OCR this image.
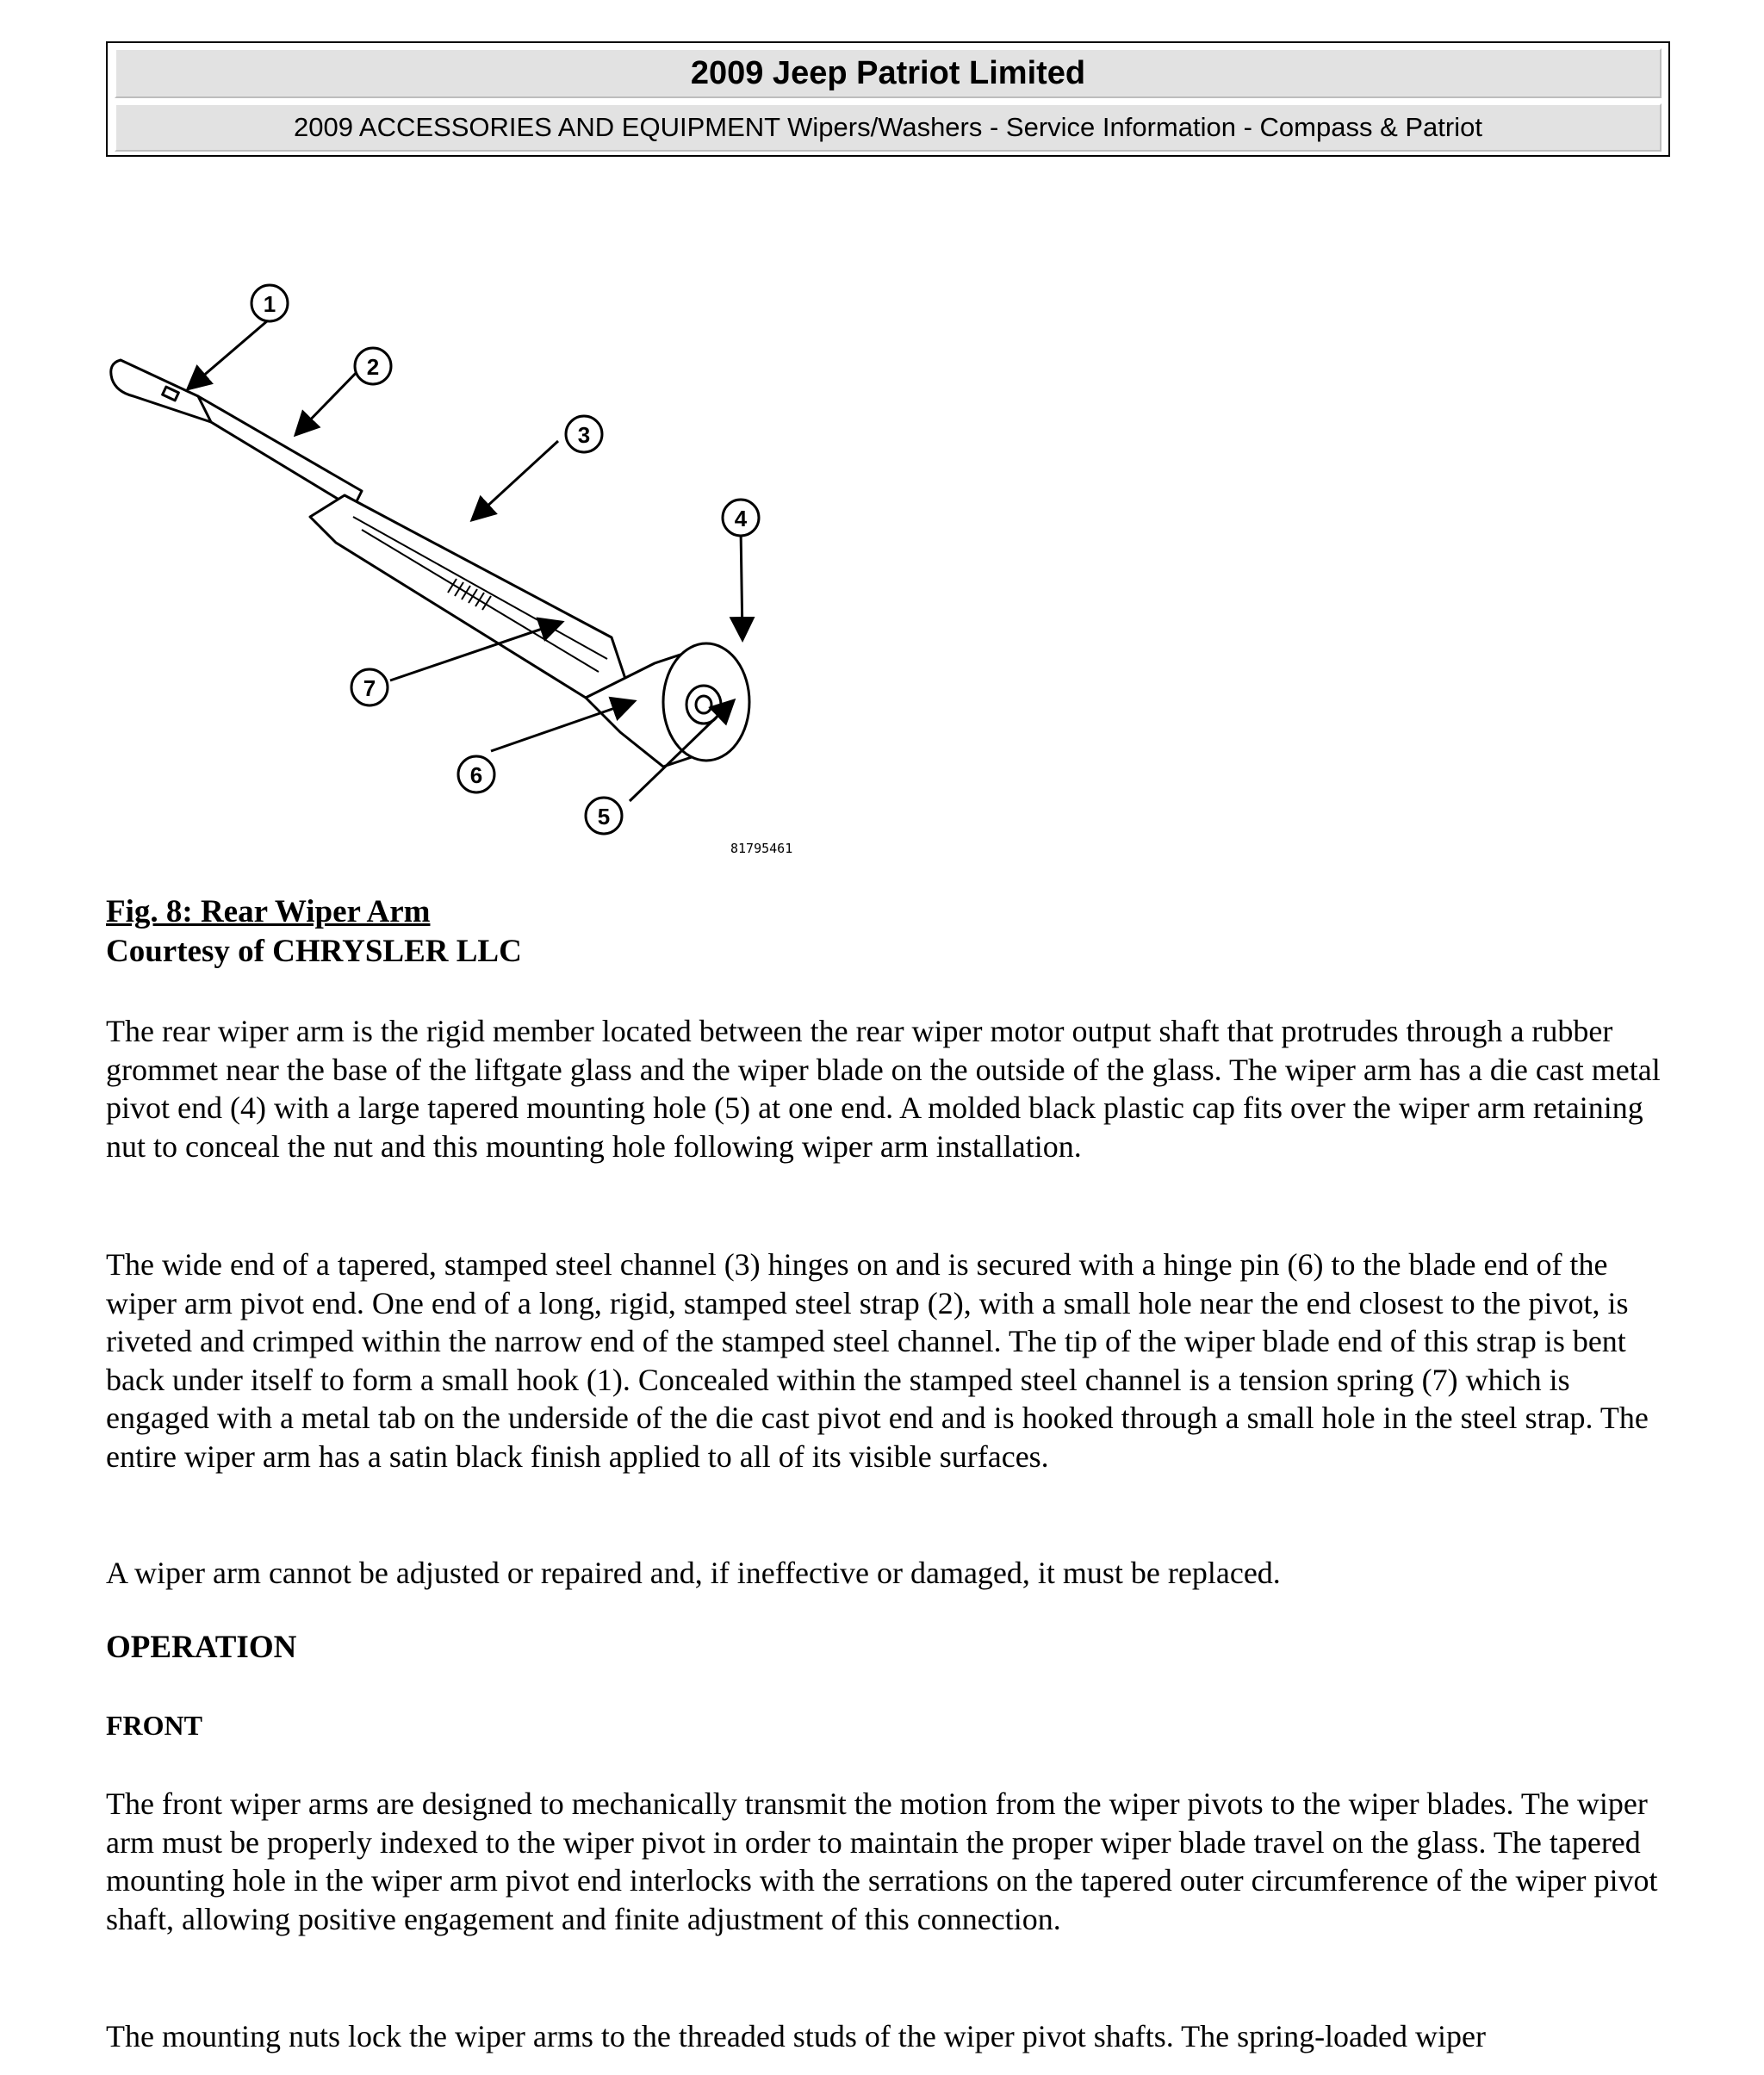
2009 Jeep Patriot Limited
2009 ACCESSORIES AND EQUIPMENT Wipers/Washers - Service Information - Compass & Patriot
1
2
3
4
5
6
7
81795461
Fig. 8: Rear Wiper Arm
Courtesy of CHRYSLER LLC

The rear wiper arm is the rigid member located between the rear wiper motor output shaft that protrudes through a rubber grommet near the base of the liftgate glass and the wiper blade on the outside of the glass. The wiper arm has a die cast metal pivot end (4) with a large tapered mounting hole (5) at one end. A molded black plastic cap fits over the wiper arm retaining nut to conceal the nut and this mounting hole following wiper arm installation.

The wide end of a tapered, stamped steel channel (3) hinges on and is secured with a hinge pin (6) to the blade end of the wiper arm pivot end. One end of a long, rigid, stamped steel strap (2), with a small hole near the end closest to the pivot, is riveted and crimped within the narrow end of the stamped steel channel. The tip of the wiper blade end of this strap is bent back under itself to form a small hook (1). Concealed within the stamped steel channel is a tension spring (7) which is engaged with a metal tab on the underside of the die cast pivot end and is hooked through a small hole in the steel strap. The entire wiper arm has a satin black finish applied to all of its visible surfaces.

A wiper arm cannot be adjusted or repaired and, if ineffective or damaged, it must be replaced.

OPERATION
FRONT

The front wiper arms are designed to mechanically transmit the motion from the wiper pivots to the wiper blades. The wiper arm must be properly indexed to the wiper pivot in order to maintain the proper wiper blade travel on the glass. The tapered mounting hole in the wiper arm pivot end interlocks with the serrations on the tapered outer circumference of the wiper pivot shaft, allowing positive engagement and finite adjustment of this connection.

The mounting nuts lock the wiper arms to the threaded studs of the wiper pivot shafts. The spring-loaded wiper
